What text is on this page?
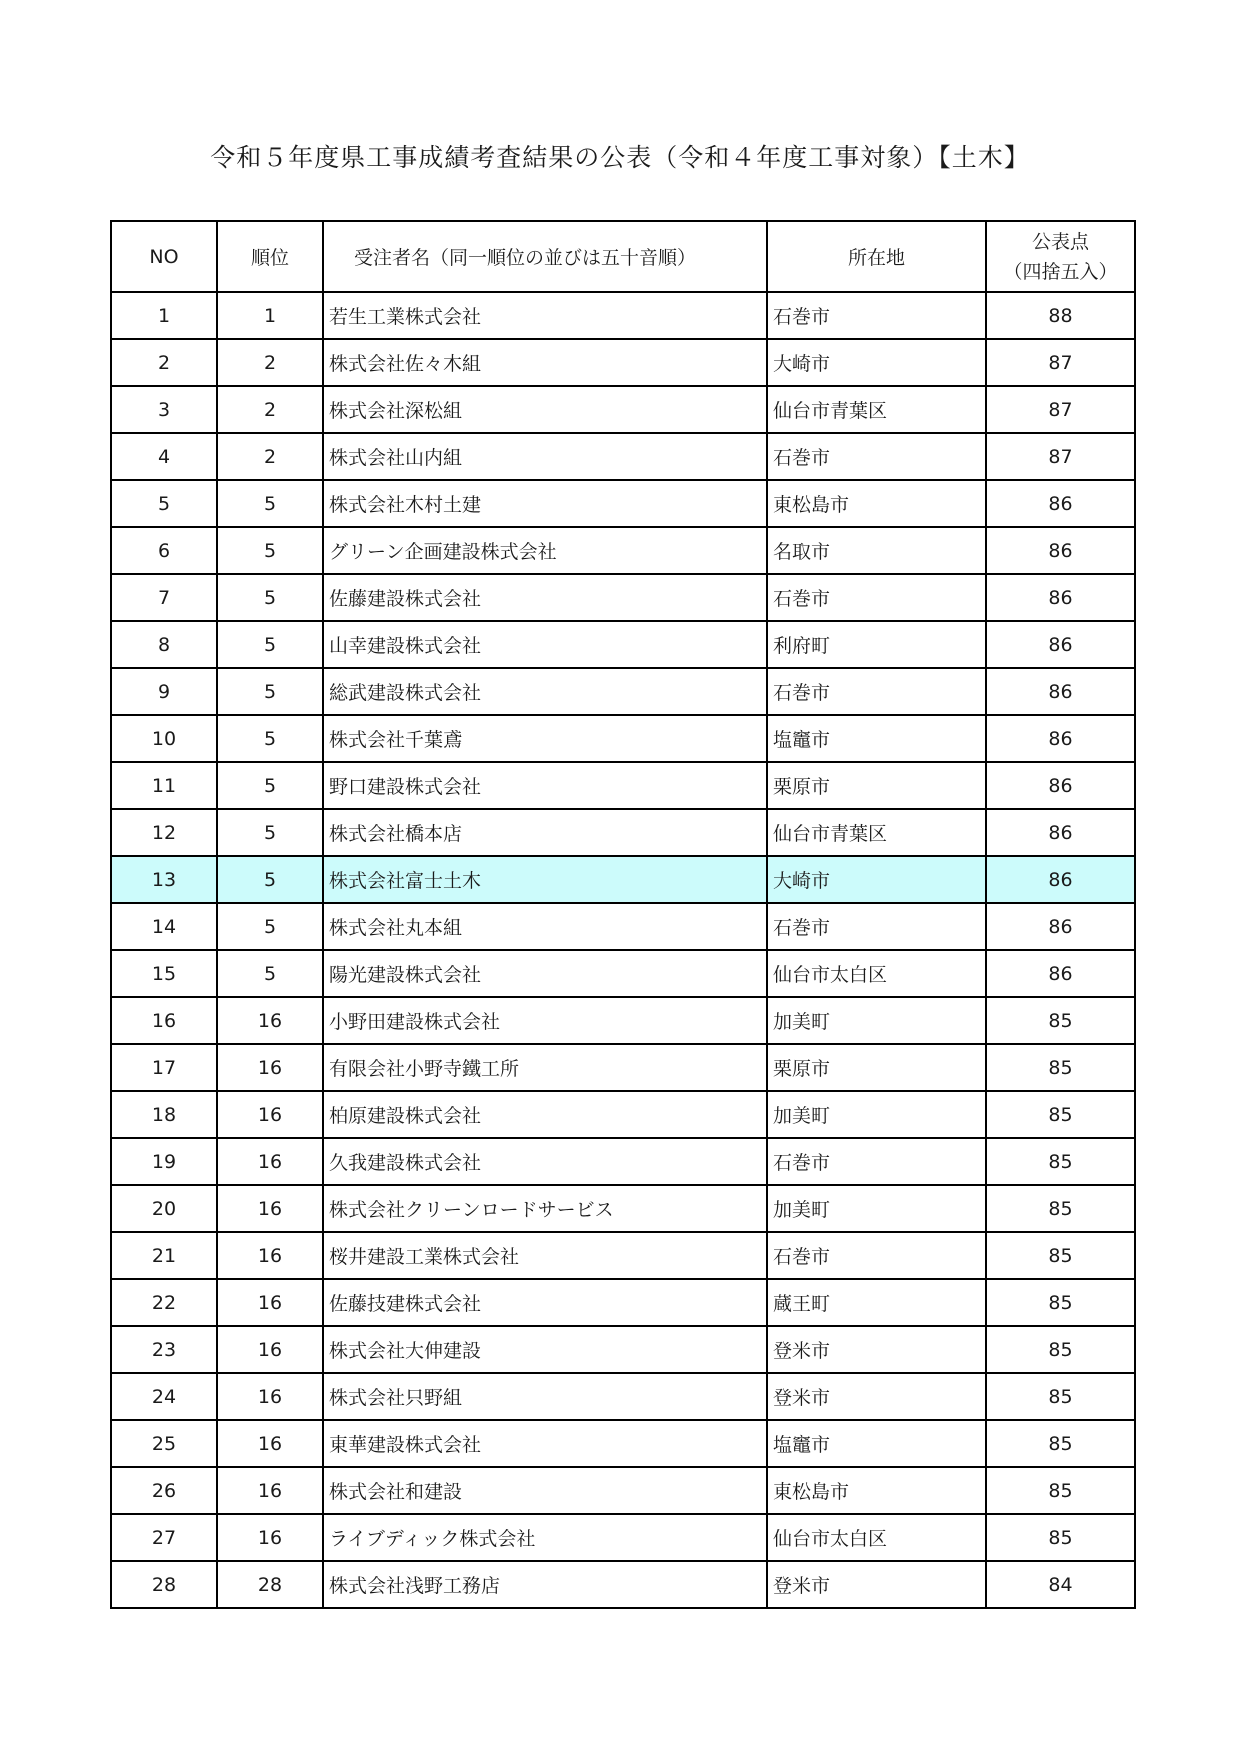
令和５年度県工事成績考査結果の公表（令和４年度工事対象）【土木】
NO	順位	受注者名（同一順位の並びは五十音順）	所在地	公表点
（四捨五入）

1	1	若生工業株式会社	石巻市	88
2	2	株式会社佐々木組	大崎市	87
3	2	株式会社深松組	仙台市青葉区	87
4	2	株式会社山内組	石巻市	87
5	5	株式会社木村土建	東松島市	86
6	5	グリーン企画建設株式会社	名取市	86
7	5	佐藤建設株式会社	石巻市	86
8	5	山幸建設株式会社	利府町	86
9	5	総武建設株式会社	石巻市	86
10	5	株式会社千葉鳶	塩竈市	86
11	5	野口建設株式会社	栗原市	86
12	5	株式会社橋本店	仙台市青葉区	86
13	5	株式会社富士土木	大崎市	86
14	5	株式会社丸本組	石巻市	86
15	5	陽光建設株式会社	仙台市太白区	86
16	16	小野田建設株式会社	加美町	85
17	16	有限会社小野寺鐵工所	栗原市	85
18	16	柏原建設株式会社	加美町	85
19	16	久我建設株式会社	石巻市	85
20	16	株式会社クリーンロードサービス	加美町	85
21	16	桜井建設工業株式会社	石巻市	85
22	16	佐藤技建株式会社	蔵王町	85
23	16	株式会社大伸建設	登米市	85
24	16	株式会社只野組	登米市	85
25	16	東華建設株式会社	塩竈市	85
26	16	株式会社和建設	東松島市	85
27	16	ライブディック株式会社	仙台市太白区	85
28	28	株式会社浅野工務店	登米市	84
